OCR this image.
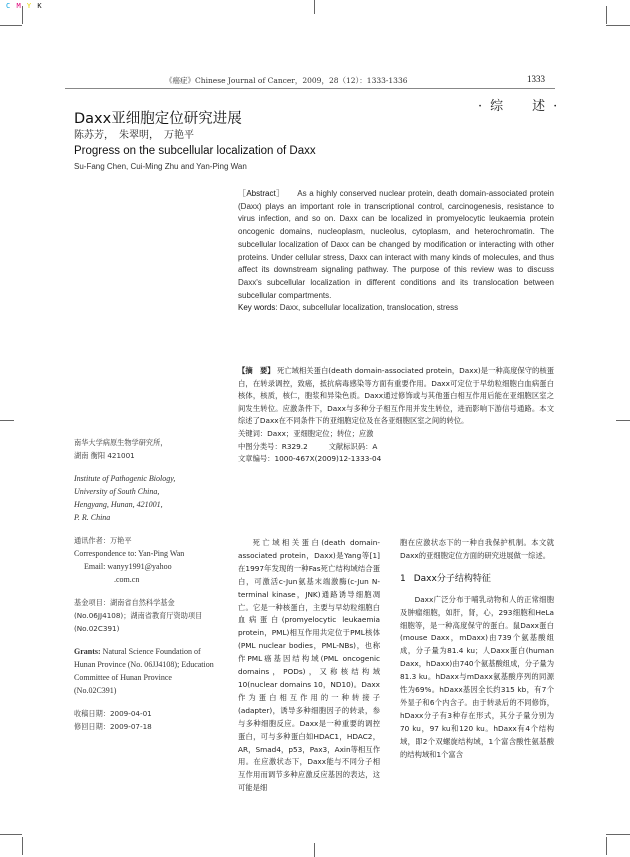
C M Y K
《癌症》Chinese Journal of Cancer，2009，28（12）：1333-1336	1333
·综　述·
Daxx亚细胞定位研究进展
陈苏芳，　朱翠明，　万艳平
Progress on the subcellular localization of Daxx
Su-Fang Chen, Cui-Ming Zhu and Yan-Ping Wan
［Abstract］ As a highly conserved nuclear protein, death domain-associated protein (Daxx) plays an important role in transcriptional control, carcinogenesis, resistance to virus infection, and so on. Daxx can be localized in promyelocytic leukaemia protein oncogenic domains, nucleoplasm, nucleolus, cytoplasm, and heterochromatin. The subcellular localization of Daxx can be changed by modification or interacting with other proteins. Under cellular stress, Daxx can interact with many kinds of molecules, and thus affect its downstream signaling pathway. The purpose of this review was to discuss Daxx's subcellular localization in different conditions and its translocation between subcellular compartments.
Key words: Daxx, subcellular localization, translocation, stress
【摘　要】 死亡域相关蛋白(death domain-associated protein，Daxx)是一种高度保守的核蛋白，在转录调控，致癌，抵抗病毒感染等方面有重要作用。Daxx可定位于早幼粒细胞白血病蛋白核体，核质，核仁，胞浆和异染色质。Daxx通过修饰或与其他蛋白相互作用后能在亚细胞区室之间发生转位。应激条件下，Daxx与多种分子相互作用并发生转位，进而影响下游信号通路。本文综述了Daxx在不同条件下的亚细胞定位及在各亚细胞区室之间的转位。
关键词：Daxx；亚细胞定位；转位；应激
中图分类号：R329.2	文献标识码：A
文章编号：1000-467X(2009)12-1333-04
南华大学病原生物学研究所，
湖南 衡阳 421001
Institute of Pathogenic Biology,
University of South China,
Hengyang, Hunan, 421001,
P. R. China
通讯作者：万艳平
Correspondence to: Yan-Ping Wan
Email: wanyy1991@yahoo
.com.cn
基金项目：湖南省自然科学基金(No.06JJ4108)；湖南省教育厅资助项目(No.02C391)
Grants: Natural Science Foundation of Hunan Province (No. 06JJ4108); Education Committee of Hunan Province (No.02C391)
收稿日期：2009-04-01
修回日期：2009-07-18

死亡域相关蛋白(death domain-associated protein，Daxx)是Yang等[1]在1997年发现的一种Fas死亡结构域结合蛋白，可激活c-Jun氨基末端激酶(c-Jun N-terminal kinase，JNK)通路诱导细胞凋亡。它是一种核蛋白，主要与早幼粒细胞白血病蛋白(promyelocytic leukaemia protein，PML)相互作用共定位于PML核体(PML nuclear bodies，PML-NBs)，也称作PML癌基因结构域(PML oncogenic domains，PODs)，又称核结构域10(nuclear domains 10，ND10)。Daxx作为蛋白相互作用的一种转接子(adapter)，诱导多种细胞因子的转录，参与多种细胞反应。Daxx是一种重要的调控蛋白，可与多种蛋白如HDAC1，HDAC2，AR，Smad4，p53，Pax3，Axin等相互作用。在应激状态下，Daxx能与不同分子相互作用而调节多种应激反应基因的表达，这可能是细

胞在应激状态下的一种自我保护机制。本文就Daxx的亚细胞定位方面的研究进展做一综述。

1 Daxx分子结构特征

Daxx广泛分布于哺乳动物和人的正常细胞及肿瘤细胞，如肝，肾，心，293细胞和HeLa细胞等，是一种高度保守的蛋白。鼠Daxx蛋白(mouse Daxx，mDaxx)由739个氨基酸组成，分子量为81.4 ku；人Daxx蛋白(human Daxx，hDaxx)由740个氨基酸组成，分子量为81.3 ku。hDaxx与mDaxx氨基酸序列的同源性为69%。hDaxx基因全长约315 kb，有7个外显子和6个内含子。由于转录后的不同修饰，hDaxx分子有3种存在形式，其分子量分别为70 ku，97 ku和120 ku。hDaxx有4个结构域，即2个双螺旋结构域，1个富含酸性氨基酸的结构域和1个富含
